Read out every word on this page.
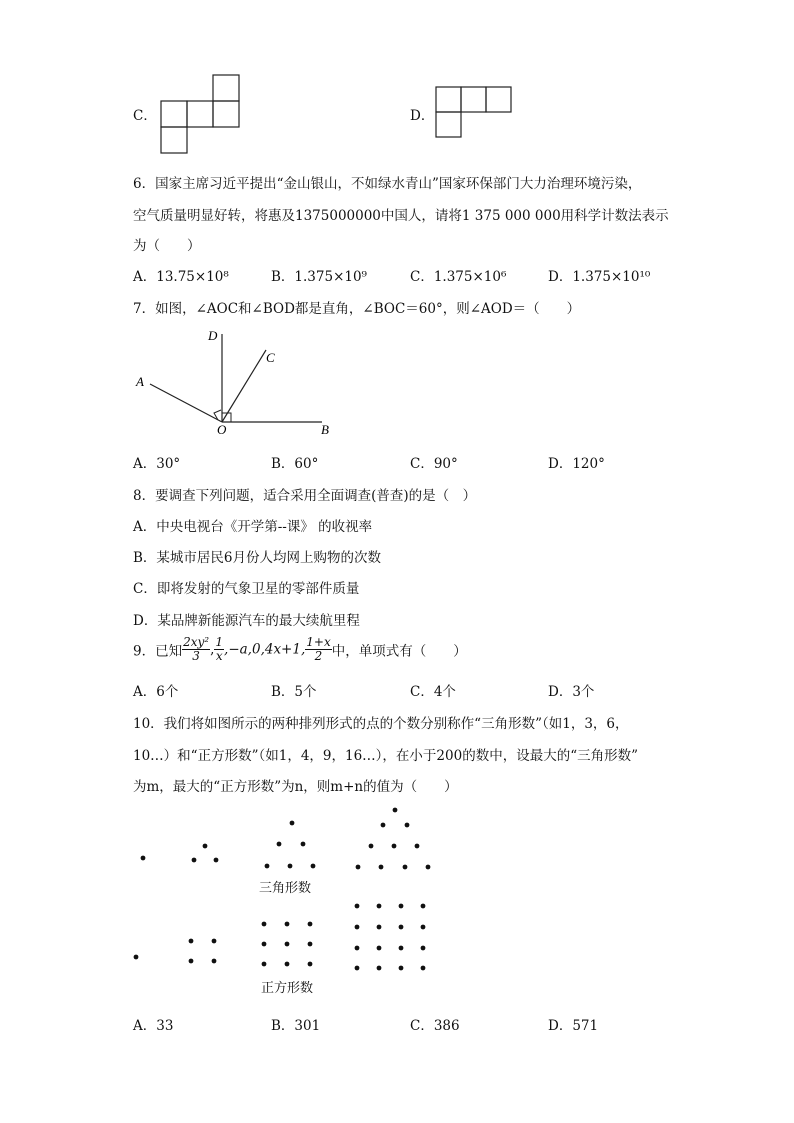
C．	D．
6．国家主席习近平提出“金山银山，不如绿水青山”国家环保部门大力治理环境污染，
空气质量明显好转，将惠及1375000000中国人，请将1 375 000 000用科学计数法表示
为（　　）
A．13.75×10⁸	B．1.375×10⁹	C．1.375×10⁶	D．1.375×10¹⁰
7．如图，∠AOC和∠BOD都是直角，∠BOC＝60°，则∠AOD＝（　　）
D
C
A
O	B
A．30°	B．60°	C．90°	D．120°
8．要调查下列问题，适合采用全面调查(普查)的是（　）
A．中央电视台《开学第--课》 的收视率
B．某城市居民6月份人均网上购物的次数
C．即将发射的气象卫星的零部件质量
D．某品牌新能源汽车的最大续航里程
9．已知 $\frac{\text{2xy²}}{3}$ , $\frac{1}{x} ,-a,0,4x+1$, $\frac{1+x}{2}$ 中，单项式有（　　）
A．6个	B．5个	C．4个	D．3个
10．我们将如图所示的两种排列形式的点的个数分别称作“三角形数”（如1，3，6，
10…）和“正方形数”（如1，4，9，16…），在小于200的数中，设最大的“三角形数”
为m，最大的“正方形数”为n，则m+n的值为（　　）
三角形数
正方形数
A．33	B．301	C．386	D．571
